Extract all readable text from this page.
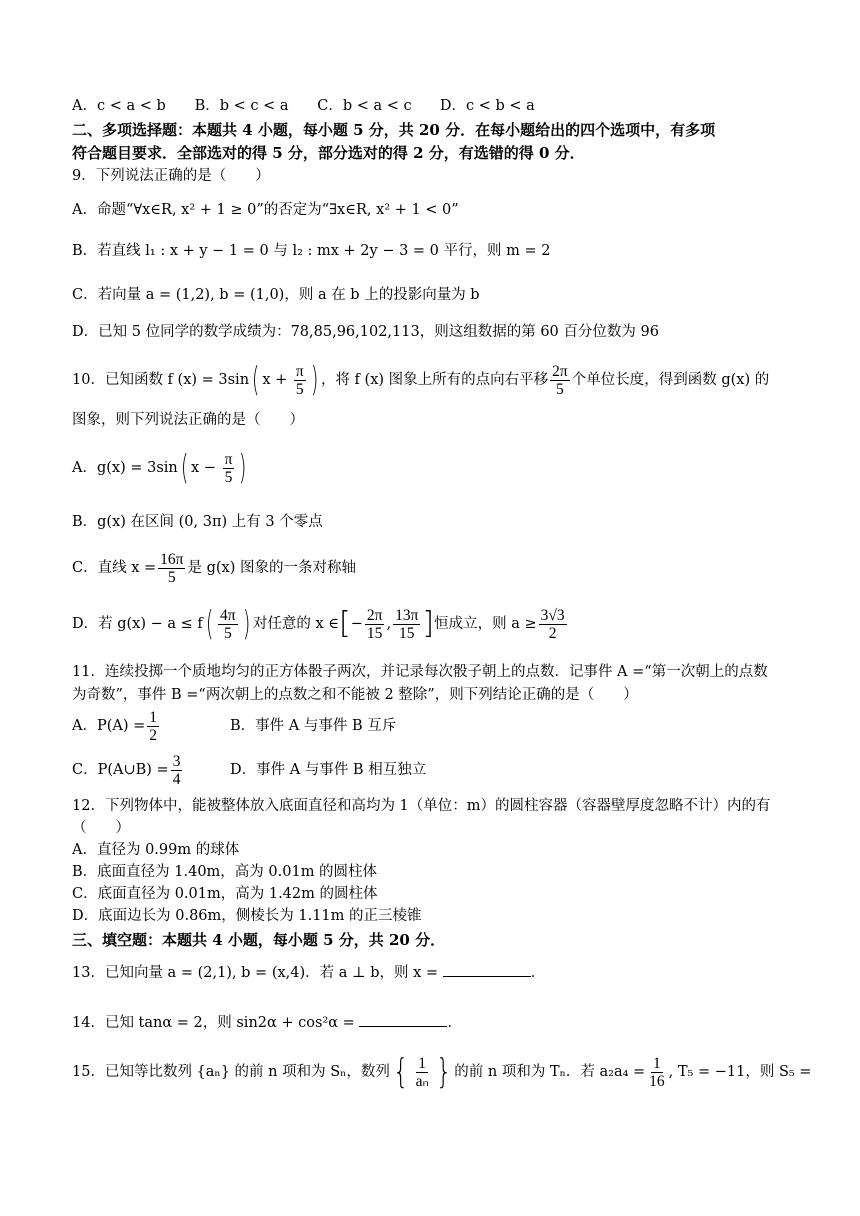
A．c < a < b B．b < c < a C．b < a < c D．c < b < a
二、多项选择题：本题共 4 小题，每小题 5 分，共 20 分．在每小题给出的四个选项中，有多项
符合题目要求．全部选对的得 5 分，部分选对的得 2 分，有选错的得 0 分．
9．下列说法正确的是（　　）
A．命题“∀x∈R, x² + 1 ≥ 0”的否定为“∃x∈R, x² + 1 < 0”
B．若直线 l₁ : x + y − 1 = 0 与 l₂ : mx + 2y − 3 = 0 平行，则 m = 2
C．若向量 a = (1,2), b = (1,0)，则 a 在 b 上的投影向量为 b
D．已知 5 位同学的数学成绩为：78,85,96,102,113，则这组数据的第 60 百分位数为 96
10．已知函数 f (x) = 3sin( $x + \frac{\pi}{5}$ ) ，将 f (x) 图象上所有的点向右平移 $\frac{2\pi}{5}$ 个单位长度，得到函数 g(x) 的
图象，则下列说法正确的是（　　）
A．g(x) = 3sin( $x - \frac{\pi}{5}$ )
B．g(x) 在区间 (0, 3π) 上有 3 个零点
C．直线 $x = \frac{16\pi}{5}$ 是 g(x) 图象的一条对称轴
D．若 $g(x) - a \le f( \frac{4\pi}{5}$ ) 对任意的 x ∈[− $\frac{2\pi}{15}$ , $\frac{13\pi}{15}$ ]恒成立，则 $a \ge \frac{3√3}{2}$
11．连续投掷一个质地均匀的正方体骰子两次，并记录每次骰子朝上的点数．记事件 A =“第一次朝上的点数
为奇数”，事件 B =“两次朝上的点数之和不能被 2 整除”，则下列结论正确的是（　　）
A．$P(A) = \frac{1}{2}$	B．事件 A 与事件 B 互斥
C．P(A∪B) = $\frac{3}{4}$	D．事件 A 与事件 B 相互独立
12．下列物体中，能被整体放入底面直径和高均为 1（单位：m）的圆柱容器（容器壁厚度忽略不计）内的有
（　　）
A．直径为 0.99m 的球体
B．底面直径为 1.40m，高为 0.01m 的圆柱体
C．底面直径为 0.01m，高为 1.42m 的圆柱体
D．底面边长为 0.86m，侧棱长为 1.11m 的正三棱锥
三、填空题：本题共 4 小题，每小题 5 分，共 20 分．
13．已知向量 a = (2,1), b = (x,4)．若 a ⊥ b，则 x =	．
14．已知 tanα = 2，则 sin2α + cos²α =	．
15．已知等比数列 {aₙ} 的前 n 项和为 Sₙ，数列{ $\frac{1}{\text{aₙ}}$ } 的前 n 项和为 Tₙ．若 $a_2a_4 = \frac{1}{16}$ , T₅ = −11，则 S₅ =
